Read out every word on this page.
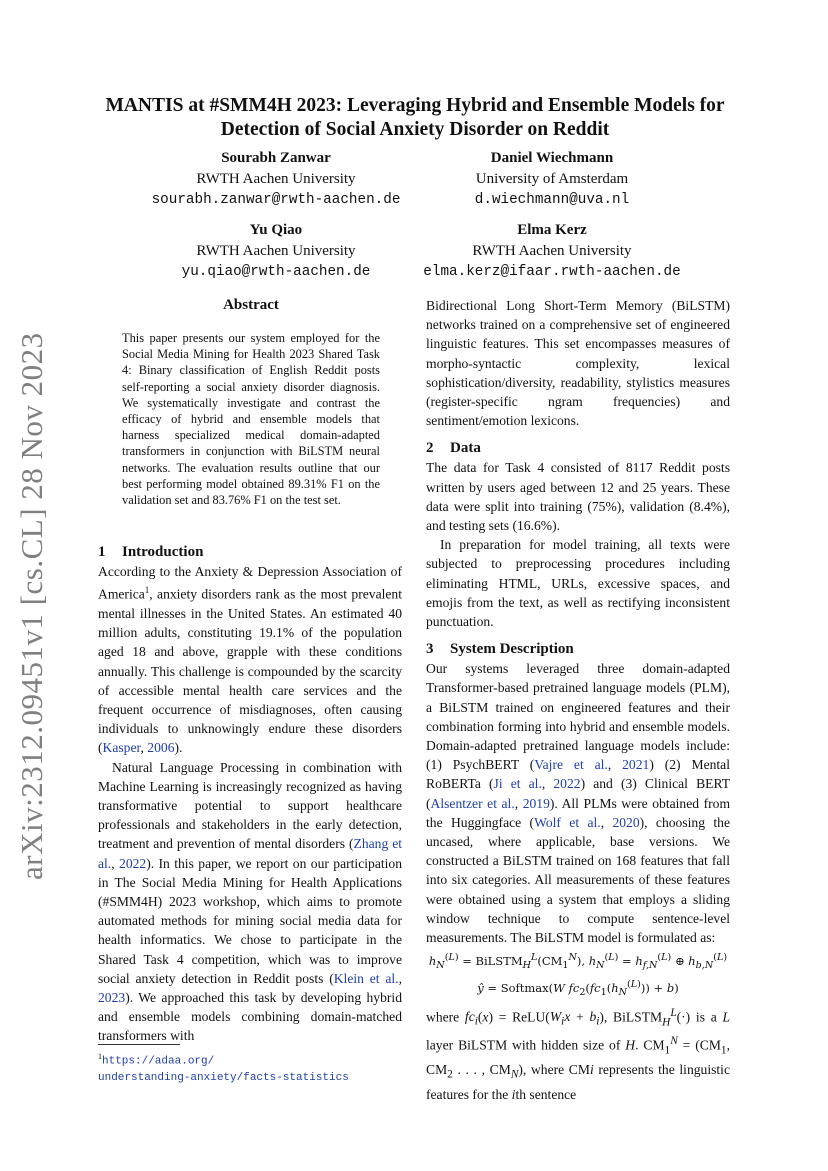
arXiv:2312.09451v1 [cs.CL] 28 Nov 2023
MANTIS at #SMM4H 2023: Leveraging Hybrid and Ensemble Models for Detection of Social Anxiety Disorder on Reddit
Sourabh Zanwar
RWTH Aachen University
sourabh.zanwar@rwth-aachen.de
Daniel Wiechmann
University of Amsterdam
d.wiechmann@uva.nl
Yu Qiao
RWTH Aachen University
yu.qiao@rwth-aachen.de
Elma Kerz
RWTH Aachen University
elma.kerz@ifaar.rwth-aachen.de
Abstract
This paper presents our system employed for the Social Media Mining for Health 2023 Shared Task 4: Binary classification of English Reddit posts self-reporting a social anxiety disorder diagnosis. We systematically investigate and contrast the efficacy of hybrid and ensemble models that harness specialized medical domain-adapted transformers in conjunction with BiLSTM neural networks. The evaluation results outline that our best performing model obtained 89.31% F1 on the validation set and 83.76% F1 on the test set.
1 Introduction

According to the Anxiety & Depression Association of America$^1$, anxiety disorders rank as the most prevalent mental illnesses in the United States. An estimated 40 million adults, constituting 19.1% of the population aged 18 and above, grapple with these conditions annually. This challenge is compounded by the scarcity of accessible mental health care services and the frequent occurrence of misdiagnoses, often causing individuals to unknowingly endure these disorders (Kasper, 2006).

Natural Language Processing in combination with Machine Learning is increasingly recognized as having transformative potential to support healthcare professionals and stakeholders in the early detection, treatment and prevention of mental disorders (Zhang et al., 2022). In this paper, we report on our participation in The Social Media Mining for Health Applications (#SMM4H) 2023 workshop, which aims to promote automated methods for mining social media data for health informatics. We chose to participate in the Shared Task 4 competition, which was to improve social anxiety detection in Reddit posts (Klein et al., 2023). We approached this task by developing hybrid and ensemble models combining domain-matched transformers with

$^1$https://adaa.org/
understanding-anxiety/facts-statistics

Bidirectional Long Short-Term Memory (BiLSTM) networks trained on a comprehensive set of engineered linguistic features. This set encompasses measures of morpho-syntactic complexity, lexical sophistication/diversity, readability, stylistics measures (register-specific ngram frequencies) and sentiment/emotion lexicons.

2 Data

The data for Task 4 consisted of 8117 Reddit posts written by users aged between 12 and 25 years. These data were split into training (75%), validation (8.4%), and testing sets (16.6%).

In preparation for model training, all texts were subjected to preprocessing procedures including eliminating HTML, URLs, excessive spaces, and emojis from the text, as well as rectifying inconsistent punctuation.

3 System Description

Our systems leveraged three domain-adapted Transformer-based pretrained language models (PLM), a BiLSTM trained on engineered features and their combination forming into hybrid and ensemble models. Domain-adapted pretrained language models include: (1) PsychBERT (Vajre et al., 2021) (2) Mental RoBERTa (Ji et al., 2022) and (3) Clinical BERT (Alsentzer et al., 2019). All PLMs were obtained from the Huggingface (Wolf et al., 2020), choosing the uncased, where applicable, base versions. We constructed a BiLSTM trained on 168 features that fall into six categories. All measurements of these features were obtained using a system that employs a sliding window technique to compute sentence-level measurements. The BiLSTM model is formulated as:

$h_N^{(L)}$ = $BiLSTM_H^L(CM_1^N)$, $h_N^{(L)} = h_{f,N}^{(L)}$ ⊕ $h_{b,N}^{(L)}$
ŷ = Softmax(W $fc_2(fc_1(h_N^{(L)})) + b$)

where $fc_i(x)$ = $ReLU(W_ix + b_i)$, BiLSTM$_H^L$(·) is a L layer BiLSTM with hidden size of H. $CM_1^N = (CM_1$, $CM_2$ . . . , $CM_N$), where CMi represents the linguistic features for the ith sentence
